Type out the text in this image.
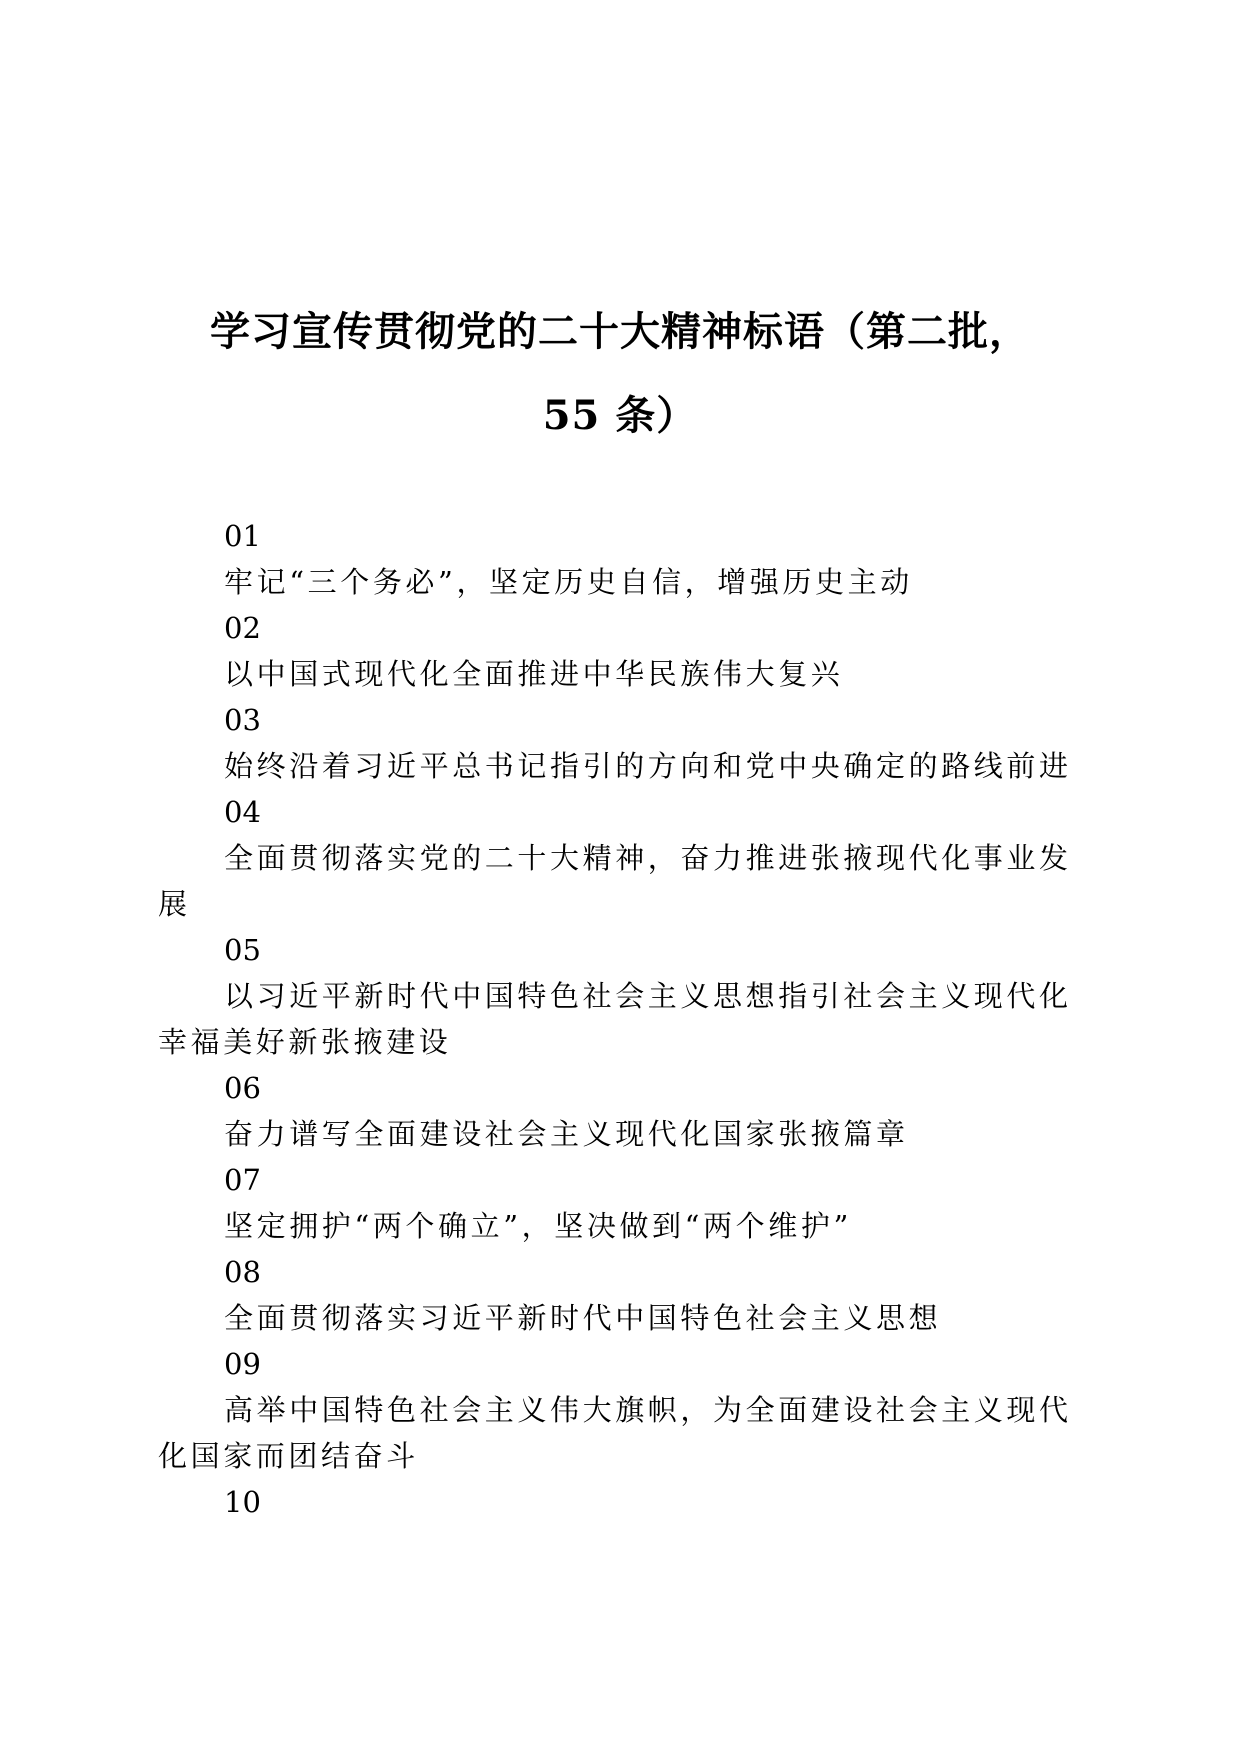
学习宣传贯彻党的二十大精神标语（第二批，
55 条）
01
牢记“三个务必”，坚定历史自信，增强历史主动
02
以中国式现代化全面推进中华民族伟大复兴
03
始终沿着习近平总书记指引的方向和党中央确定的路线前进
04
全面贯彻落实党的二十大精神，奋力推进张掖现代化事业发展
05
以习近平新时代中国特色社会主义思想指引社会主义现代化幸福美好新张掖建设
06
奋力谱写全面建设社会主义现代化国家张掖篇章
07
坚定拥护“两个确立”，坚决做到“两个维护”
08
全面贯彻落实习近平新时代中国特色社会主义思想
09
高举中国特色社会主义伟大旗帜，为全面建设社会主义现代化国家而团结奋斗
10
